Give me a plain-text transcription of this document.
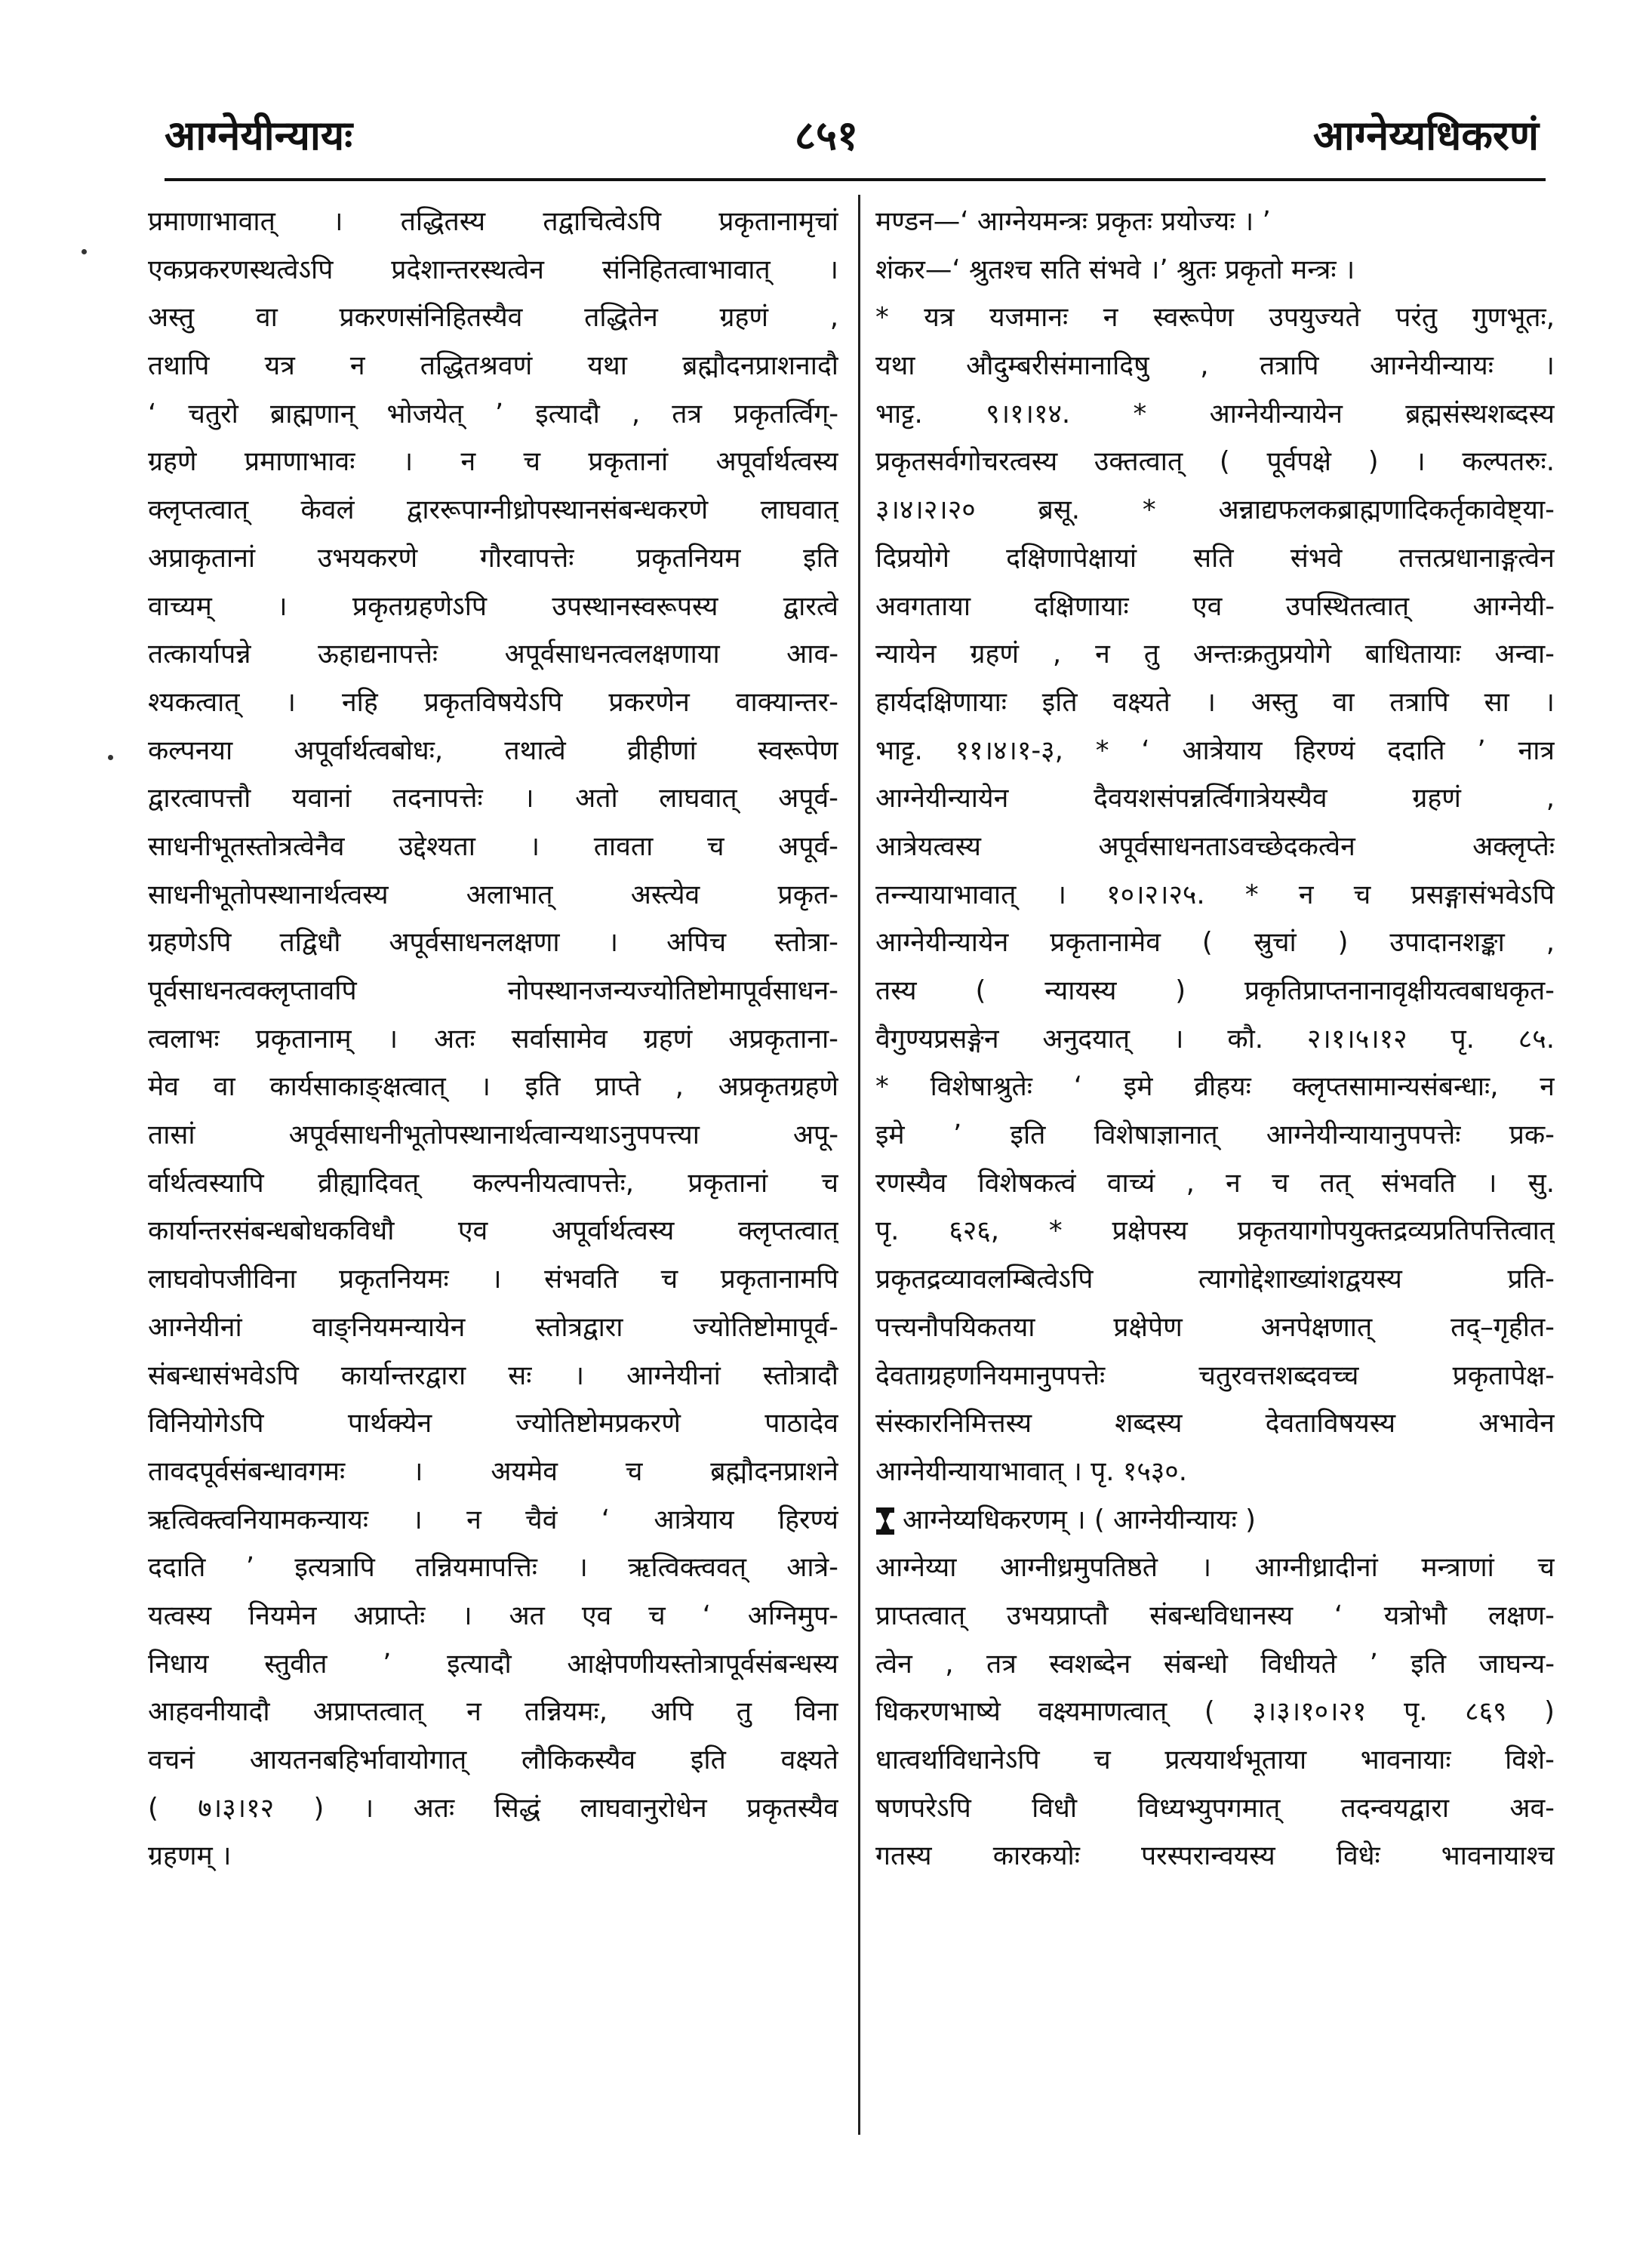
आग्नेयीन्यायः	८५१	आग्नेय्यधिकरणं
प्रमाणाभावात् । तद्धितस्य तद्वाचित्वेऽपि प्रकृतानामृचां
एकप्रकरणस्थत्वेऽपि प्रदेशान्तरस्थत्वेन संनिहितत्वाभावात् ।
अस्तु वा प्रकरणसंनिहितस्यैव तद्धितेन ग्रहणं ,
तथापि यत्र न तद्धितश्रवणं यथा ब्रह्मौदनप्राशनादौ
‘ चतुरो ब्राह्मणान् भोजयेत् ’ इत्यादौ , तत्र प्रकृतर्त्विग्-
ग्रहणे प्रमाणाभावः । न च प्रकृतानां अपूर्वार्थत्वस्य
क्लृप्तत्वात् केवलं द्वाररूपाग्नीध्रोपस्थानसंबन्धकरणे लाघवात्
अप्राकृतानां उभयकरणे गौरवापत्तेः प्रकृतनियम इति
वाच्यम् । प्रकृतग्रहणेऽपि उपस्थानस्वरूपस्य द्वारत्वे
तत्कार्यापन्ने ऊहाद्यनापत्तेः अपूर्वसाधनत्वलक्षणाया आव-
श्यकत्वात् । नहि प्रकृतविषयेऽपि प्रकरणेन वाक्यान्तर-
कल्पनया अपूर्वार्थत्वबोधः, तथात्वे व्रीहीणां स्वरूपेण
द्वारत्वापत्तौ यवानां तदनापत्तेः । अतो लाघवात् अपूर्व-
साधनीभूतस्तोत्रत्वेनैव उद्देश्यता । तावता च अपूर्व-
साधनीभूतोपस्थानार्थत्वस्य अलाभात् अस्त्येव प्रकृत-
ग्रहणेऽपि तद्विधौ अपूर्वसाधनलक्षणा । अपिच स्तोत्रा-
पूर्वसाधनत्वक्लृप्तावपि नोपस्थानजन्यज्योतिष्टोमापूर्वसाधन-
त्वलाभः प्रकृतानाम् । अतः सर्वासामेव ग्रहणं अप्रकृताना-
मेव वा कार्यसाकाङ्क्षत्वात् । इति प्राप्ते , अप्रकृतग्रहणे
तासां अपूर्वसाधनीभूतोपस्थानार्थत्वान्यथाऽनुपपत्त्या अपू-
र्वार्थत्वस्यापि व्रीह्यादिवत् कल्पनीयत्वापत्तेः, प्रकृतानां च
कार्यान्तरसंबन्धबोधकविधौ एव अपूर्वार्थत्वस्य क्लृप्तत्वात्
लाघवोपजीविना प्रकृतनियमः । संभवति च प्रकृतानामपि
आग्नेयीनां वाङ्नियमन्यायेन स्तोत्रद्वारा ज्योतिष्टोमापूर्व-
संबन्धासंभवेऽपि कार्यान्तरद्वारा सः । आग्नेयीनां स्तोत्रादौ
विनियोगेऽपि पार्थक्येन ज्योतिष्टोमप्रकरणे पाठादेव
तावदपूर्वसंबन्धावगमः । अयमेव च ब्रह्मौदनप्राशने
ऋत्विक्त्वनियामकन्यायः । न चैवं ‘ आत्रेयाय हिरण्यं
ददाति ’ इत्यत्रापि तन्नियमापत्तिः । ऋत्विक्त्ववत् आत्रे-
यत्वस्य नियमेन अप्राप्तेः । अत एव च ‘ अग्निमुप-
निधाय स्तुवीत ’ इत्यादौ आक्षेपणीयस्तोत्रापूर्वसंबन्धस्य
आहवनीयादौ अप्राप्तत्वात् न तन्नियमः, अपि तु विना
वचनं आयतनबहिर्भावायोगात् लौकिकस्यैव इति वक्ष्यते
( ७।३।१२ ) । अतः सिद्धं लाघवानुरोधेन प्रकृतस्यैव
ग्रहणम् ।
मण्डन—‘ आग्नेयमन्त्रः प्रकृतः प्रयोज्यः । ’
शंकर—‘ श्रुतश्च सति संभवे ।’ श्रुतः प्रकृतो मन्त्रः ।
* यत्र यजमानः न स्वरूपेण उपयुज्यते परंतु गुणभूतः,
यथा औदुम्बरीसंमानादिषु , तत्रापि आग्नेयीन्यायः ।
भाट्ट. ९।१।१४. * आग्नेयीन्यायेन ब्रह्मसंस्थशब्दस्य
प्रकृतसर्वगोचरत्वस्य उक्तत्वात् ( पूर्वपक्षे ) । कल्पतरुः.
३।४।२।२० ब्रसू. * अन्नाद्यफलकब्राह्मणादिकर्तृकावेष्ट्या-
दिप्रयोगे दक्षिणापेक्षायां सति संभवे तत्तत्प्रधानाङ्गत्वेन
अवगताया दक्षिणायाः एव उपस्थितत्वात् आग्नेयी-
न्यायेन ग्रहणं , न तु अन्तःक्रतुप्रयोगे बाधितायाः अन्वा-
हार्यदक्षिणायाः इति वक्ष्यते । अस्तु वा तत्रापि सा ।
भाट्ट. ११।४।१-३, * ‘ आत्रेयाय हिरण्यं ददाति ’ नात्र
आग्नेयीन्यायेन दैवयशसंपन्नर्त्विगात्रेयस्यैव ग्रहणं ,
आत्रेयत्वस्य अपूर्वसाधनताऽवच्छेदकत्वेन अक्लृप्तेः
तन्न्यायाभावात् । १०।२।२५. * न च प्रसङ्गासंभवेऽपि
आग्नेयीन्यायेन प्रकृतानामेव ( स्रुचां ) उपादानशङ्का ,
तस्य ( न्यायस्य ) प्रकृतिप्राप्तनानावृक्षीयत्वबाधकृत-
वैगुण्यप्रसङ्गेन अनुदयात् । कौ. २।१।५।१२ पृ. ८५.
* विशेषाश्रुतेः ‘ इमे व्रीहयः क्लृप्तसामान्यसंबन्धाः, न
इमे ’ इति विशेषाज्ञानात् आग्नेयीन्यायानुपपत्तेः प्रक-
रणस्यैव विशेषकत्वं वाच्यं , न च तत् संभवति । सु.
पृ. ६२६, * प्रक्षेपस्य प्रकृतयागोपयुक्तद्रव्यप्रतिपत्तित्वात्
प्रकृतद्रव्यावलम्बित्वेऽपि त्यागोद्देशाख्यांशद्वयस्य प्रति-
पत्त्यनौपयिकतया प्रक्षेपेण अनपेक्षणात् तद्–गृहीत-
देवताग्रहणनियमानुपपत्तेः चतुरवत्तशब्दवच्च प्रकृतापेक्ष-
संस्कारनिमित्तस्य शब्दस्य देवताविषयस्य अभावेन
आग्नेयीन्यायाभावात् । पृ. १५३०.
आग्नेय्यधिकरणम् । ( आग्नेयीन्यायः )
आग्नेय्या आग्नीध्रमुपतिष्ठते । आग्नीध्रादीनां मन्त्राणां च
प्राप्तत्वात् उभयप्राप्तौ संबन्धविधानस्य ‘ यत्रोभौ लक्षण-
त्वेन , तत्र स्वशब्देन संबन्धो विधीयते ’ इति जाघन्य-
धिकरणभाष्ये वक्ष्यमाणत्वात् ( ३।३।१०।२१ पृ. ८६९ )
धात्वर्थाविधानेऽपि च प्रत्ययार्थभूताया भावनायाः विशे-
षणपरेऽपि विधौ विध्यभ्युपगमात् तदन्वयद्वारा अव-
गतस्य कारकयोः परस्परान्वयस्य विधेः भावनायाश्च
